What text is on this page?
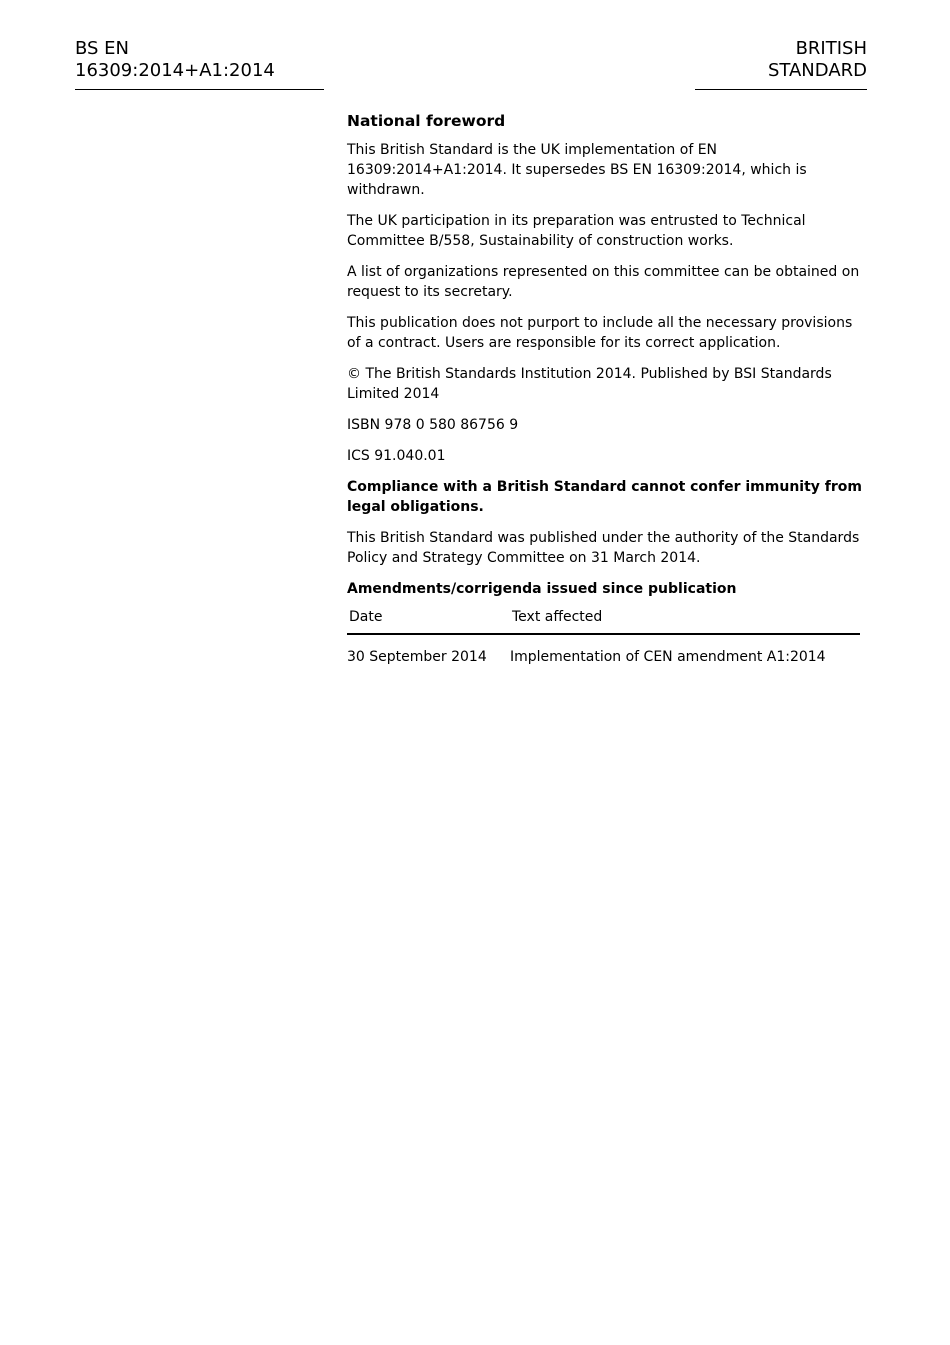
BS EN 16309:2014+A1:2014
BRITISH STANDARD
National foreword

This British Standard is the UK implementation of EN 16309:2014+A1:2014. It supersedes BS EN 16309:2014, which is withdrawn.

The UK participation in its preparation was entrusted to Technical Committee B/558, Sustainability of construction works.

A list of organizations represented on this committee can be obtained on request to its secretary.

This publication does not purport to include all the necessary provisions of a contract. Users are responsible for its correct application.

© The British Standards Institution 2014. Published by BSI Standards Limited 2014

ISBN 978 0 580 86756 9

ICS 91.040.01

Compliance with a British Standard cannot confer immunity from legal obligations.

This British Standard was published under the authority of the Standards Policy and Strategy Committee on 31 March 2014.

Amendments/corrigenda issued since publication
Date	Text affected
30 September 2014	Implementation of CEN amendment A1:2014
